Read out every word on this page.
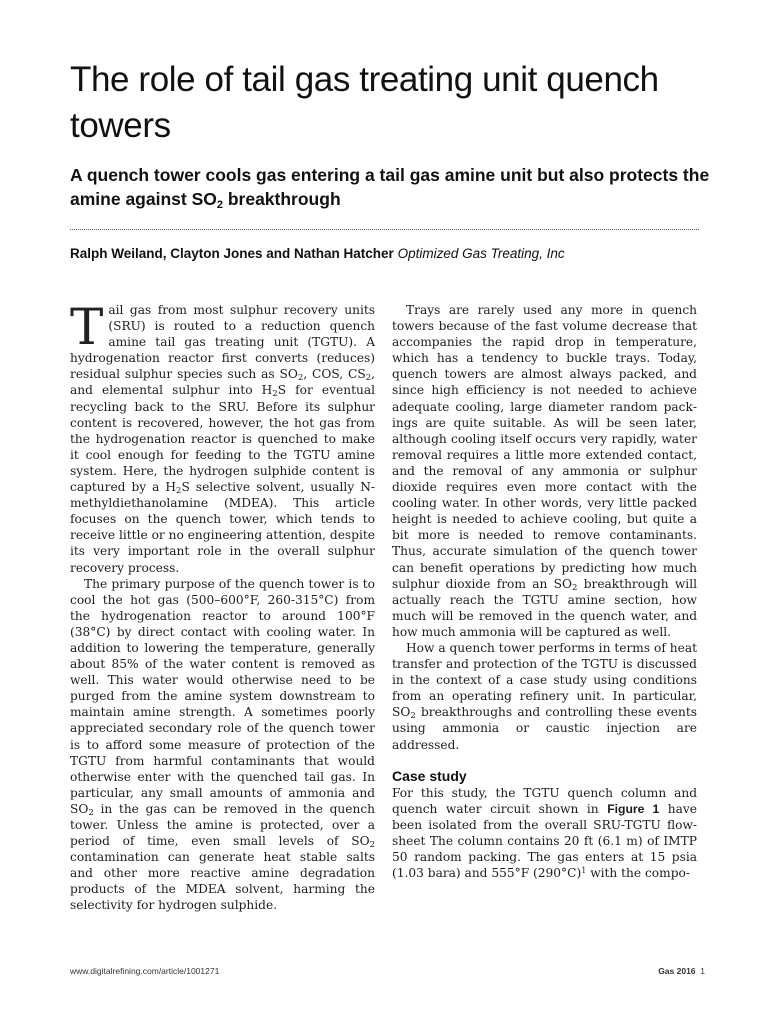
The role of tail gas treating unit quench towers
A quench tower cools gas entering a tail gas amine unit but also protects the amine against $SO_2$ breakthrough

Ralph Weiland, Clayton Jones and Nathan Hatcher Optimized Gas Treating, Inc

Tail gas from most sulphur recovery units (SRU) is routed to a reduction quench amine tail gas treating unit (TGTU). A hydrogenation reactor first converts (reduces) residual sulphur species such as $SO_2$, COS, $CS_2$, and elemental sulphur into $H_2S$ for eventual recycling back to the SRU. Before its sulphur content is recovered, however, the hot gas from the hydrogenation reactor is quenched to make it cool enough for feeding to the TGTU amine system. Here, the hydrogen sulphide content is captured by a $H_2S$ selective solvent, usually N-methyldiethanolamine (MDEA). This article focuses on the quench tower, which tends to receive little or no engineering attention, despite its very important role in the overall sulphur recovery process.

The primary purpose of the quench tower is to cool the hot gas (500–600°F, 260-315°C) from the hydrogenation reactor to around 100°F (38°C) by direct contact with cooling water. In addition to lowering the temperature, generally about 85% of the water content is removed as well. This water would otherwise need to be purged from the amine system downstream to maintain amine strength. A sometimes poorly appreciated secondary role of the quench tower is to afford some measure of protection of the TGTU from harmful contaminants that would otherwise enter with the quenched tail gas. In particular, any small amounts of ammonia and $SO_2$ in the gas can be removed in the quench tower. Unless the amine is protected, over a period of time, even small levels of $SO_2$ contamination can generate heat stable salts and other more reactive amine degradation products of the MDEA solvent, harming the selectivity for hydrogen sulphide.

Trays are rarely used any more in quench towers because of the fast volume decrease that accompanies the rapid drop in temperature, which has a tendency to buckle trays. Today, quench towers are almost always packed, and since high efficiency is not needed to achieve adequate cooling, large diameter random packings are quite suitable. As will be seen later, although cooling itself occurs very rapidly, water removal requires a little more extended contact, and the removal of any ammonia or sulphur dioxide requires even more contact with the cooling water. In other words, very little packed height is needed to achieve cooling, but quite a bit more is needed to remove contaminants. Thus, accurate simulation of the quench tower can benefit operations by predicting how much sulphur dioxide from an $SO_2$ breakthrough will actually reach the TGTU amine section, how much will be removed in the quench water, and how much ammonia will be captured as well.

How a quench tower performs in terms of heat transfer and protection of the TGTU is discussed in the context of a case study using conditions from an operating refinery unit. In particular, $SO_2$ breakthroughs and controlling these events using ammonia or caustic injection are addressed.

Case study

For this study, the TGTU quench column and quench water circuit shown in Figure 1 have been isolated from the overall SRU-TGTU flowsheet The column contains 20 ft (6.1 m) of IMTP 50 random packing. The gas enters at 15 psia (1.03 bara) and 555°F $(290^\circ C)^1$ with the compo-

www.digitalrefining.com/article/1001271	Gas 2016 1
